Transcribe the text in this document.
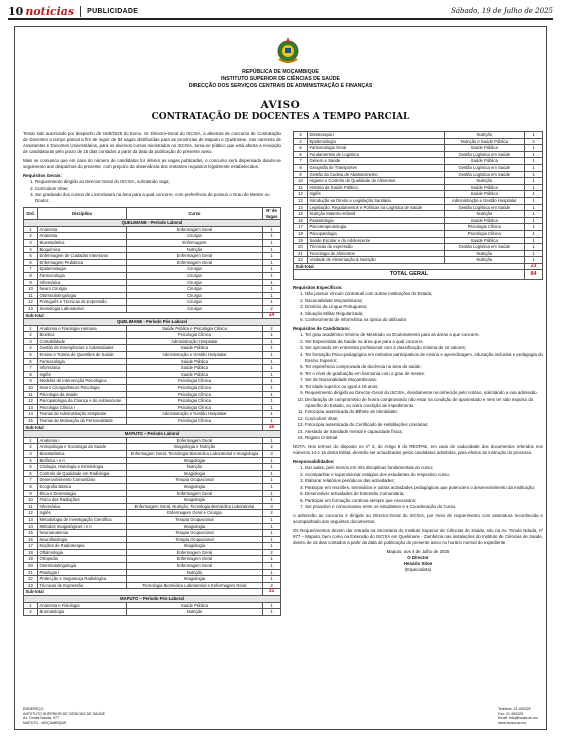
10 notícias PUBLICIDADE	Sábado, 19 de Julho de 2025
REPÚBLICA DE MOÇAMBIQUE
INSTITUTO SUPERIOR DE CIÊNCIAS DE SAÚDE
DIRECÇÃO DOS SERVIÇOS CENTRAIS DE ADMINISTRAÇÃO E FINANÇAS
AVISO
CONTRATAÇÃO DE DOCENTES A TEMPO PARCIAL

Tendo sido autorizado por despacho de 16/6/2025 do Exmo. Sr. Director-Geral do ISCISA, a abertura de concurso de Contratação de Docentes a tempo parcial a fim de suprir de 84 vagas distribuídas para as províncias de Maputo e Quelimane, nas carreiras de Assistentes e Docentes Universitários, para os diversos cursos ministrados no ISCISA, torna-se público que está aberta a recepção de candidaturas pelo prazo de 15 dias contados a partir da data da publicação do presente aviso.

Mais se comunica que em caso do número de candidatos for inferior as vagas publicadas, o concurso será dispensado dando-se seguimento aos despachos do presente, com prejuízo da observância dos restantes requisitos legalmente estabelecidos.

Requisitos Gerais:

1. Requerimento dirigido ao Director-Geral do ISCISA, solicitando vaga;
2. Curriculum Vitae;
3. Ser graduado dos cursos de Licenciatura na área para a qual concorre, com preferência de possuir o Grau de Mestre ou Doutor.
Ord.	Disciplina	Curso	Nº de Vagas
QUELIMANE - Período Laboral			
1	Anatomia	Enfermagem Geral	1
2	Anatomia	Cirurgia	1
3	Bioestatística	Enfermagem	1
4	Bioquímica	Nutrição	1
5	Enfermagem de Cuidados Intensivos	Enfermagem Geral	1
6	Enfermagem Pediátrica	Enfermagem Geral	1
7	Epidemiologia	Cirurgia	1
8	Farmacologia	Cirurgia	1
9	Informática	Cirurgia	1
10	Neuro Cirurgia	Cirurgia	1
11	Otorrinolaringologia	Cirurgia	1
12	Português e Técnicas de Expressão	Cirurgia	1
13	Semiologia Laboratorial	Cirurgia	2
Sub-total			14
QUELIMANE - Período Pós-Laboral			
1	Anatomia e Fisiologia Humana	Saúde Pública e Psicologia Clínica	2
2	Bioética	Psicologia Clínica	1
3	Contabilidade	Administração Hospitalar	1
4	Gestão de Emergências e Calamidades	Saúde Pública	1
5	Ensino e Tutoria de Questões de Saúde	Administração e Gestão Hospitalar	1
6	Farmacologia	Saúde Pública	1
7	Informática	Saúde Pública	1
8	Inglês	Saúde Pública	1
9	Modelos de Intervenção Psicológica	Psicologia Clínica	1
10	Neuro Cirurgia/Neuro Psicologia	Psicologia Clínica	1
11	Psicologia da Saúde	Psicologia Clínica	1
12	Psicopatologia da Criança e do Adolescente	Psicologia Clínica	1
13	Psicologia Clínica I	Psicologia Clínica	1
14	Teorias de Administração Hospitalar	Administração e Gestão Hospitalar	1
15	Teorias de Motivação da Personalidade	Psicologia Clínica	1
Sub-total			16
MAPUTO – Período Laboral			
1	Anatomia I	Enfermagem Geral	1
2	Antropologia e Sociologia da Saúde	Imagiologia e Nutrição	2
3	Bioestatística	Enfermagem Geral, Tecnologia Biomédica Laboratorial e Imagiologia	3
4	Biofísica I e II	Imagiologia	1
5	Citologia, Histologia e Embriologia	Nutrição	1
6	Controlo de Qualidade em Radiologia	Imagiologia	1
7	Desenvolvimento Comunitário	Terapia Ocupacional	1
8	Ecografia Básica	Imagiologia	1
9	Ética e Deontologia	Enfermagem Geral	1
10	Física das Radiações	Imagiologia	1
11	Informática	Enfermagem Geral, Nutrição, Tecnologia Biomédica Laboratorial	3
12	Inglês	Enfermagem Geral e Cirurgia	2
13	Metodologia de Investigação Científica	Terapia Ocupacional	1
14	Métodos Imagiológicos I e II	Imagiologia	1
15	Neuroanatomia	Terapia Ocupacional	1
16	Neurofisiologia	Terapia Ocupacional	1
17	Noções de Radioterapia	Imagiologia	1
18	Oftalmologia	Enfermagem Geral	2
19	Ortopedia	Enfermagem Geral	1
20	Otorrinolaringologia	Enfermagem Geral	1
21	Patologia I	Nutrição	1
22	Protecção e Segurança Radiológica	Imagiologia	1
23	Técnicas de Expressão	Tecnologia Biomédica Laboratorial e Enfermagem Geral	2
Sub-total			31
MAPUTO – Período Pós-Laboral			
1	Anatomia e Fisiologia	Saúde Pública	1
2	Bromatologia	Nutrição	1
3	Dietoterapia I	Nutrição	1
4	Epidemiologia	Nutrição e Saúde Pública	2
5	Farmacologia Geral	Saúde Pública	1
6	Fundamentos de Logística	Gestão Logística em Saúde	1
7	Género e Saúde	Saúde Pública	1
8	Geografia de Transportes	Gestão Logística em Saúde	1
9	Gestão da Cadeia de Abastecimento	Gestão Logística em Saúde	1
10	Higiene e Controlo de Qualidade de Alimentos	Nutrição	1
11	História da Saúde Pública	Saúde Pública	1
12	Inglês	Saúde Pública	1
13	Introdução ao Direito e Legislação Sanitária	Administração e Gestão Hospitalar	1
14	Legislação, Regulamentos e Políticas na Logística de Saúde	Gestão Logística em Saúde	1
15	Nutrição Materno-Infantil	Nutrição	1
16	Parasitologia	Saúde Pública	1
17	Psicoterapeutologia	Psicologia Clínica	1
18	Psicopatologia	Psicologia Clínica	1
19	Saúde Escolar e do Adolescente	Saúde Pública	1
20	Técnicas de expressão	Gestão Logística em Saúde	1
21	Tecnologia de Alimentos	Nutrição	1
22	Unidade de Alimentação & Nutrição	Nutrição	1
Sub-total			23
TOTAL GERAL			84

Requisitos Específicos:

1. Não possuir vínculo contratual com outras Instituições do Estado;
2. Nacionalidade Moçambicana;
3. Domínio da Língua Portuguesa;
4. Situação Militar Regularizada;
5. Conhecimento de Informática na óptica do utilizador.

Requisitos de Candidatura:

1. Ter grau académico mínimo de Mestrado ou Doutoramento para as áreas a que concorre.
2. Ser Especialista da Saúde na área que para a qual concorre.
3. Ser aprovado em entrevista profissional com a classificação mínima de 10 valores;
4. Ter formação Psico-pedagógica em métodos participativos de ensino e aprendizagem, educação inclusiva e pedagogia do Ensino Superior;
5. Ter experiência comprovada de docência na área de saúde;
6. Ter o nível de graduação em harmonia com o grau de mestre.
7. Ser de Nacionalidade Moçambicana;
8. Ter idade superior ou igual a 18 anos;
9. Requerimento dirigido ao Director-Geral do ISCISA, devidamente reconhecido pelo notário, solicitando a sua admissão.
10. Declaração de compromisso de honra comprovando não estar na condição de aposentado e nem ter sido expulso do Aparelho do Estado, ou outra condição de impedimento.
11. Fotocópia autenticada do Bilhete de Identidade;
12. Curriculum Vitae;
13. Fotocópia autenticada do Certificado de Habilitações Literárias;
14. Atestado de Sanidade mental e capacidade física;
15. Registo Criminal.

NOTA: Nos termos do disposto no nº 2, do Artigo 8 do REGPAE, em caso de caducidade dos documentos referidos nos números 14 e 15 desta Edital, deverão ser actualizados pelos candidatos admitidos, para efeitos de instrução do processo.

Responsabilidades:

1. Dar aulas, pelo menos em três disciplinas fundamentais do curso;
2. Acompanhar e supervisionar estágios dos estudantes do respectivo curso;
3. Elaborar relatórios periódicos das actividades;
4. Participar em reuniões, seminários e outras actividades pedagógicas que potenciem o desenvolvimento da Instituição;
5. Desenvolver actividades de Extensão Comunitária;
6. Participar em formação contínua sempre que necessário;
7. Ser proactivo e comunicativo entre os estudantes e a Coordenação do Curso.

A admissão ao concurso é dirigido ao Director-Geral do ISCISA, por meio de requerimento com assinatura reconhecida e acompanhado dos seguintes documentos.

Os Requerimentos devem dar entrada na Secretaria do Instituto Superior de Ciências de Saúde, sito na Av. Tomás Nduda, nº 977 – Maputo, bem como na Extensão do ISCISA em Quelimane - Zambézia nas instalações do Instituto de Ciências de Saúde, dentro de 15 dias contados a partir da data de publicação do presente aviso no horário normal do expediente.

Maputo, aos 4 de Julho de 2025
O Director
Henário Sitoe
(Especialista)
ENDEREÇO
INSTITUTO SUPERIOR DE CIÊNCIAS DE SAÚDE
Av. Tomás Nduda, 977
MAPUTO - MOÇAMBIQUE
Telefone: 21 490325
Fax: 21 490325
Email: info@iscisa.ac.mz
www.iscisa.ac.mz
